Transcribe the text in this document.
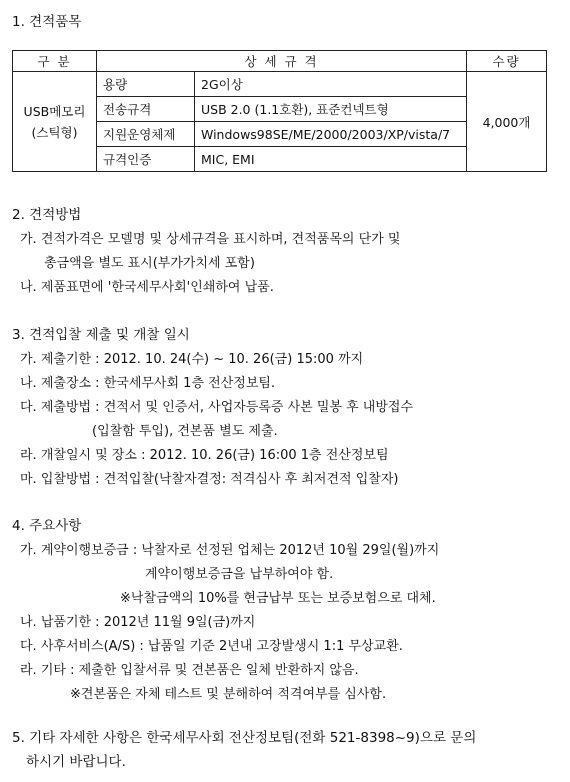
1. 견적품목
구 분	상 세 규 격		수량

USB메모리
(스틱형)	용량	2G이상	4,000개
	전송규격	USB 2.0 (1.1호환), 표준컨넥트형	
	지원운영체제	Windows98SE/ME/2000/2003/XP/vista/7	
	규격인증	MIC, EMI	
2. 견적방법
가. 견적가격은 모델명 및 상세규격을 표시하며, 견적품목의 단가 및
총금액을 별도 표시(부가가치세 포함)
나. 제품표면에 '한국세무사회'인쇄하여 납품.
3. 견적입찰 제출 및 개찰 일시
가. 제출기한 : 2012. 10. 24(수) ~ 10. 26(금) 15:00 까지
나. 제출장소 : 한국세무사회 1층 전산정보팀.
다. 제출방법 : 견적서 및 인증서, 사업자등록증 사본 밀봉 후 내방접수
(입찰함 투입), 견본품 별도 제출.
라. 개찰일시 및 장소 : 2012. 10. 26(금) 16:00 1층 전산정보팀
마. 입찰방법 : 견적입찰(낙찰자결정: 적격심사 후 최저견적 입찰자)
4. 주요사항
가. 계약이행보증금 : 낙찰자로 선정된 업체는 2012년 10월 29일(월)까지
계약이행보증금을 납부하여야 함.
※낙찰금액의 10%를 현금납부 또는 보증보험으로 대체.
나. 납품기한 : 2012년 11월 9일(금)까지
다. 사후서비스(A/S) : 납품일 기준 2년내 고장발생시 1:1 무상교환.
라. 기타 : 제출한 입찰서류 및 견본품은 일체 반환하지 않음.
※견본품은 자체 테스트 및 분해하여 적격여부를 심사함.
5. 기타 자세한 사항은 한국세무사회 전산정보팀(전화 521-8398~9)으로 문의
하시기 바랍니다.
